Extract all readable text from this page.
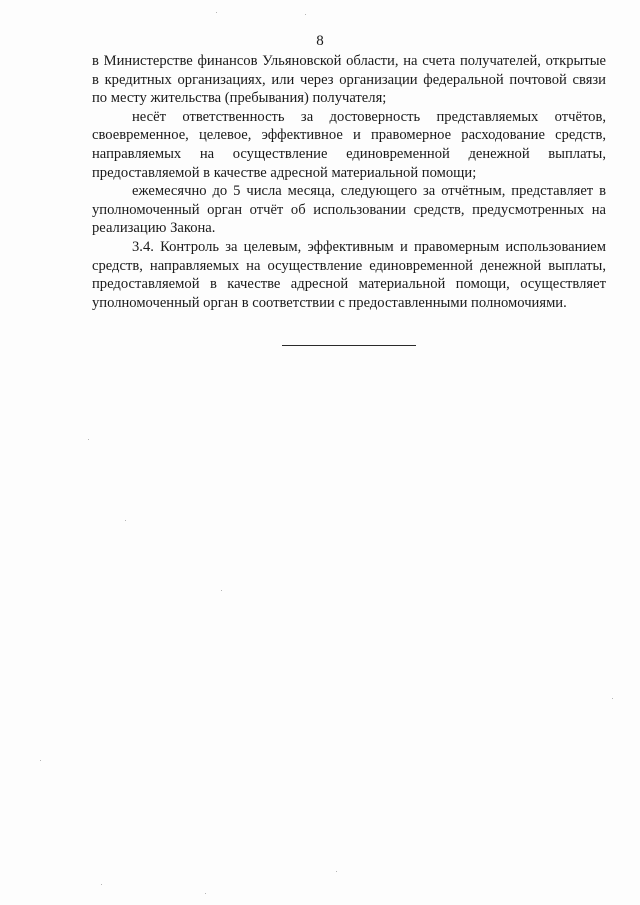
8

в Министерстве финансов Ульяновской области, на счета получателей, открытые в кредитных организациях, или через организации федеральной почтовой связи по месту жительства (пребывания) получателя;

несёт ответственность за достоверность представляемых отчётов, своевременное, целевое, эффективное и правомерное расходование средств, направляемых на осуществление единовременной денежной выплаты, предоставляемой в качестве адресной материальной помощи;

ежемесячно до 5 числа месяца, следующего за отчётным, представляет в уполномоченный орган отчёт об использовании средств, предусмотренных на реализацию Закона.

3.4. Контроль за целевым, эффективным и правомерным использованием средств, направляемых на осуществление единовременной денежной выплаты, предоставляемой в качестве адресной материальной помощи, осуществляет уполномоченный орган в соответствии с предоставленными полномочиями.
